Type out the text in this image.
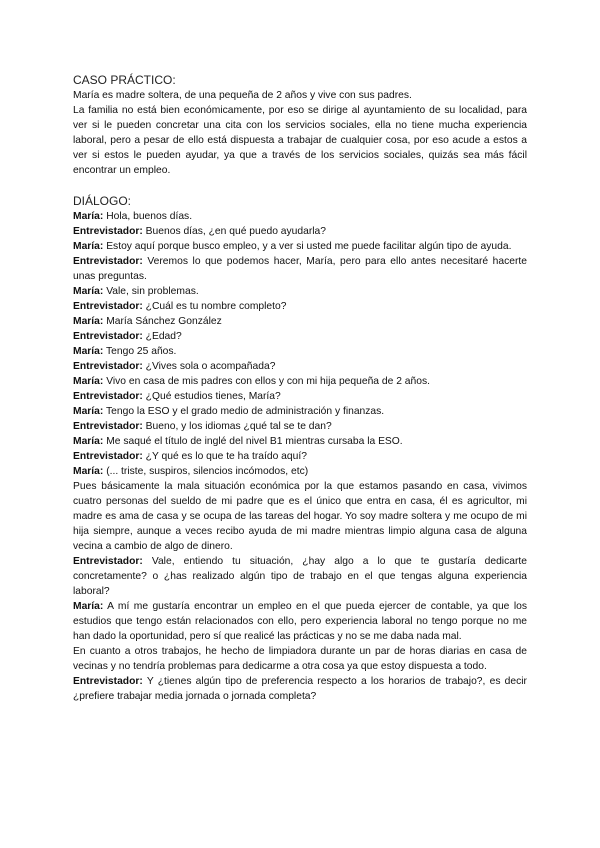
CASO PRÁCTICO:

María es madre soltera, de una pequeña de 2 años y vive con sus padres.

La familia no está bien económicamente, por eso se dirige al ayuntamiento de su localidad, para ver si le pueden concretar una cita con los servicios sociales, ella no tiene mucha experiencia laboral, pero a pesar de ello está dispuesta a trabajar de cualquier cosa, por eso acude a estos a ver si estos le pueden ayudar, ya que a través de los servicios sociales, quizás sea más fácil encontrar un empleo.

DIÁLOGO:

María: Hola, buenos días.

Entrevistador: Buenos días, ¿en qué puedo ayudarla?

María: Estoy aquí porque busco empleo, y a ver si usted me puede facilitar algún tipo de ayuda.

Entrevistador: Veremos lo que podemos hacer, María, pero para ello antes necesitaré hacerte unas preguntas.

María: Vale, sin problemas.

Entrevistador: ¿Cuál es tu nombre completo?

María: María Sánchez González

Entrevistador: ¿Edad?

María: Tengo 25 años.

Entrevistador: ¿Vives sola o acompañada?

María: Vivo en casa de mis padres con ellos y con mi hija pequeña de 2 años.

Entrevistador: ¿Qué estudios tienes, María?

María: Tengo la ESO y el grado medio de administración y finanzas.

Entrevistador: Bueno, y los idiomas ¿qué tal se te dan?

María: Me saqué el título de inglé del nivel B1 mientras cursaba la ESO.

Entrevistador: ¿Y qué es lo que te ha traído aquí?

María: (... triste, suspiros, silencios incómodos, etc)

Pues básicamente la mala situación económica por la que estamos pasando en casa, vivimos cuatro personas del sueldo de mi padre que es el único que entra en casa, él es agricultor, mi madre es ama de casa y se ocupa de las tareas del hogar. Yo soy madre soltera y me ocupo de mi hija siempre, aunque a veces recibo ayuda de mi madre mientras limpio alguna casa de alguna vecina a cambio de algo de dinero.

Entrevistador: Vale, entiendo tu situación, ¿hay algo a lo que te gustaría dedicarte concretamente? o ¿has realizado algún tipo de trabajo en el que tengas alguna experiencia laboral?

María: A mí me gustaría encontrar un empleo en el que pueda ejercer de contable, ya que los estudios que tengo están relacionados con ello, pero experiencia laboral no tengo porque no me han dado la oportunidad, pero sí que realicé las prácticas y no se me daba nada mal.

En cuanto a otros trabajos, he hecho de limpiadora durante un par de horas diarias en casa de vecinas y no tendría problemas para dedicarme a otra cosa ya que estoy dispuesta a todo.

Entrevistador: Y ¿tienes algún tipo de preferencia respecto a los horarios de trabajo?, es decir ¿prefiere trabajar media jornada o jornada completa?
